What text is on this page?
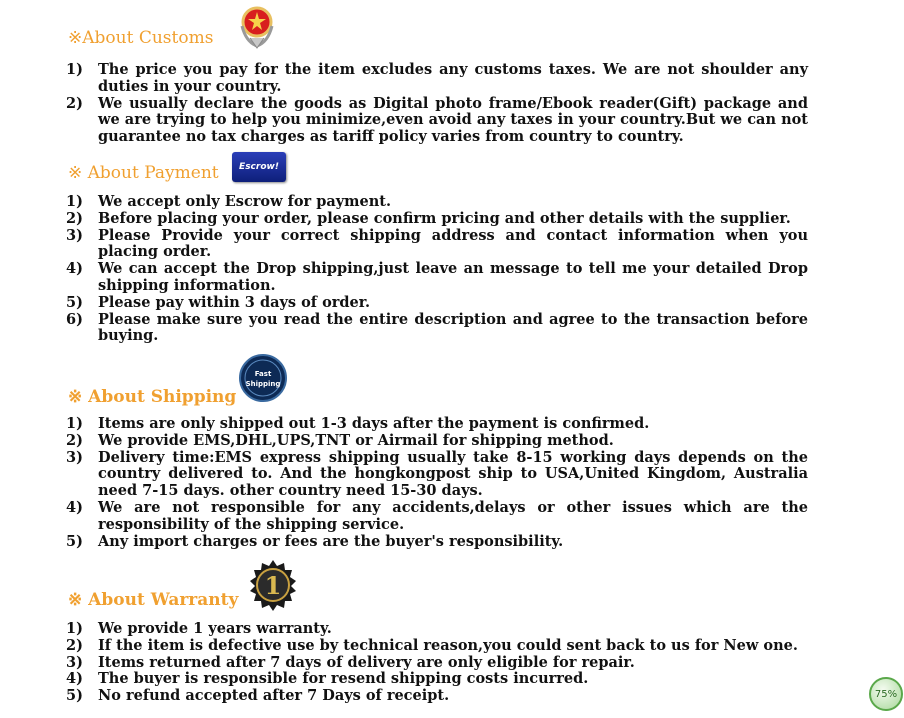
※About Customs
1) The price you pay for the item excludes any customs taxes. We are not shoulder any duties in your country.
2) We usually declare the goods as Digital photo frame/Ebook reader(Gift) package and we are trying to help you minimize,even avoid any taxes in your country.But we can not guarantee no tax charges as tariff policy varies from country to country.
※ About Payment	Escrow!
1) We accept only Escrow for payment.
2) Before placing your order, please confirm pricing and other details with the supplier.
3) Please Provide your correct shipping address and contact information when you placing order.
4) We can accept the Drop shipping,just leave an message to tell me your detailed Drop shipping information.
5) Please pay within 3 days of order.
6) Please make sure you read the entire description and agree to the transaction before buying.
※ About Shipping
Fast
Shipping
1) Items are only shipped out 1-3 days after the payment is confirmed.
2) We provide EMS,DHL,UPS,TNT or Airmail for shipping method.
3) Delivery time:EMS express shipping usually take 8-15 working days depends on the country delivered to. And the hongkongpost ship to USA,United Kingdom, Australia need 7-15 days. other country need 15-30 days.
4) We are not responsible for any accidents,delays or other issues which are the responsibility of the shipping service.
5) Any import charges or fees are the buyer's responsibility.
※ About Warranty 1
1) We provide 1 years warranty.
2) If the item is defective use by technical reason,you could sent back to us for New one.
3) Items returned after 7 days of delivery are only eligible for repair.
4) The buyer is responsible for resend shipping costs incurred.
5) No refund accepted after 7 Days of receipt.	75%
